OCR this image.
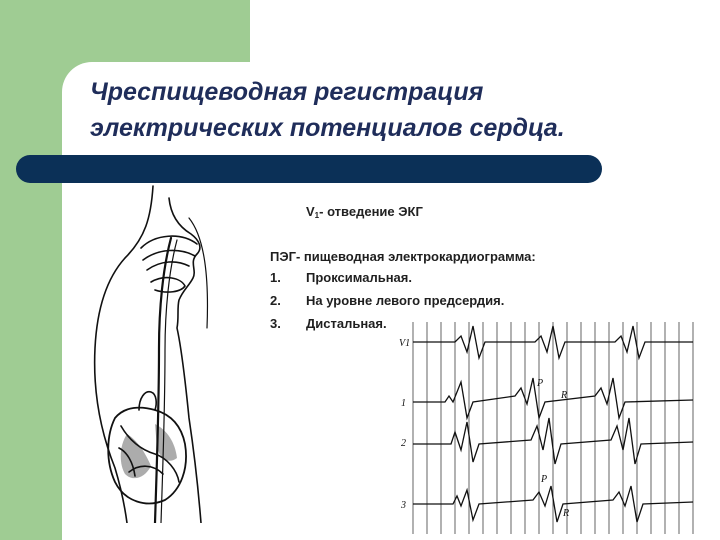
Чреспищеводная регистрация
электрических потенциалов сердца.
$V_1-$ отведение ЭКГ

ПЭГ- пищеводная электрокардиограмма:

1.	Проксимальная.
2.	На уровне левого предсердия.
3.	Дистальная.
V1
1
2
3
P
P
R
R
